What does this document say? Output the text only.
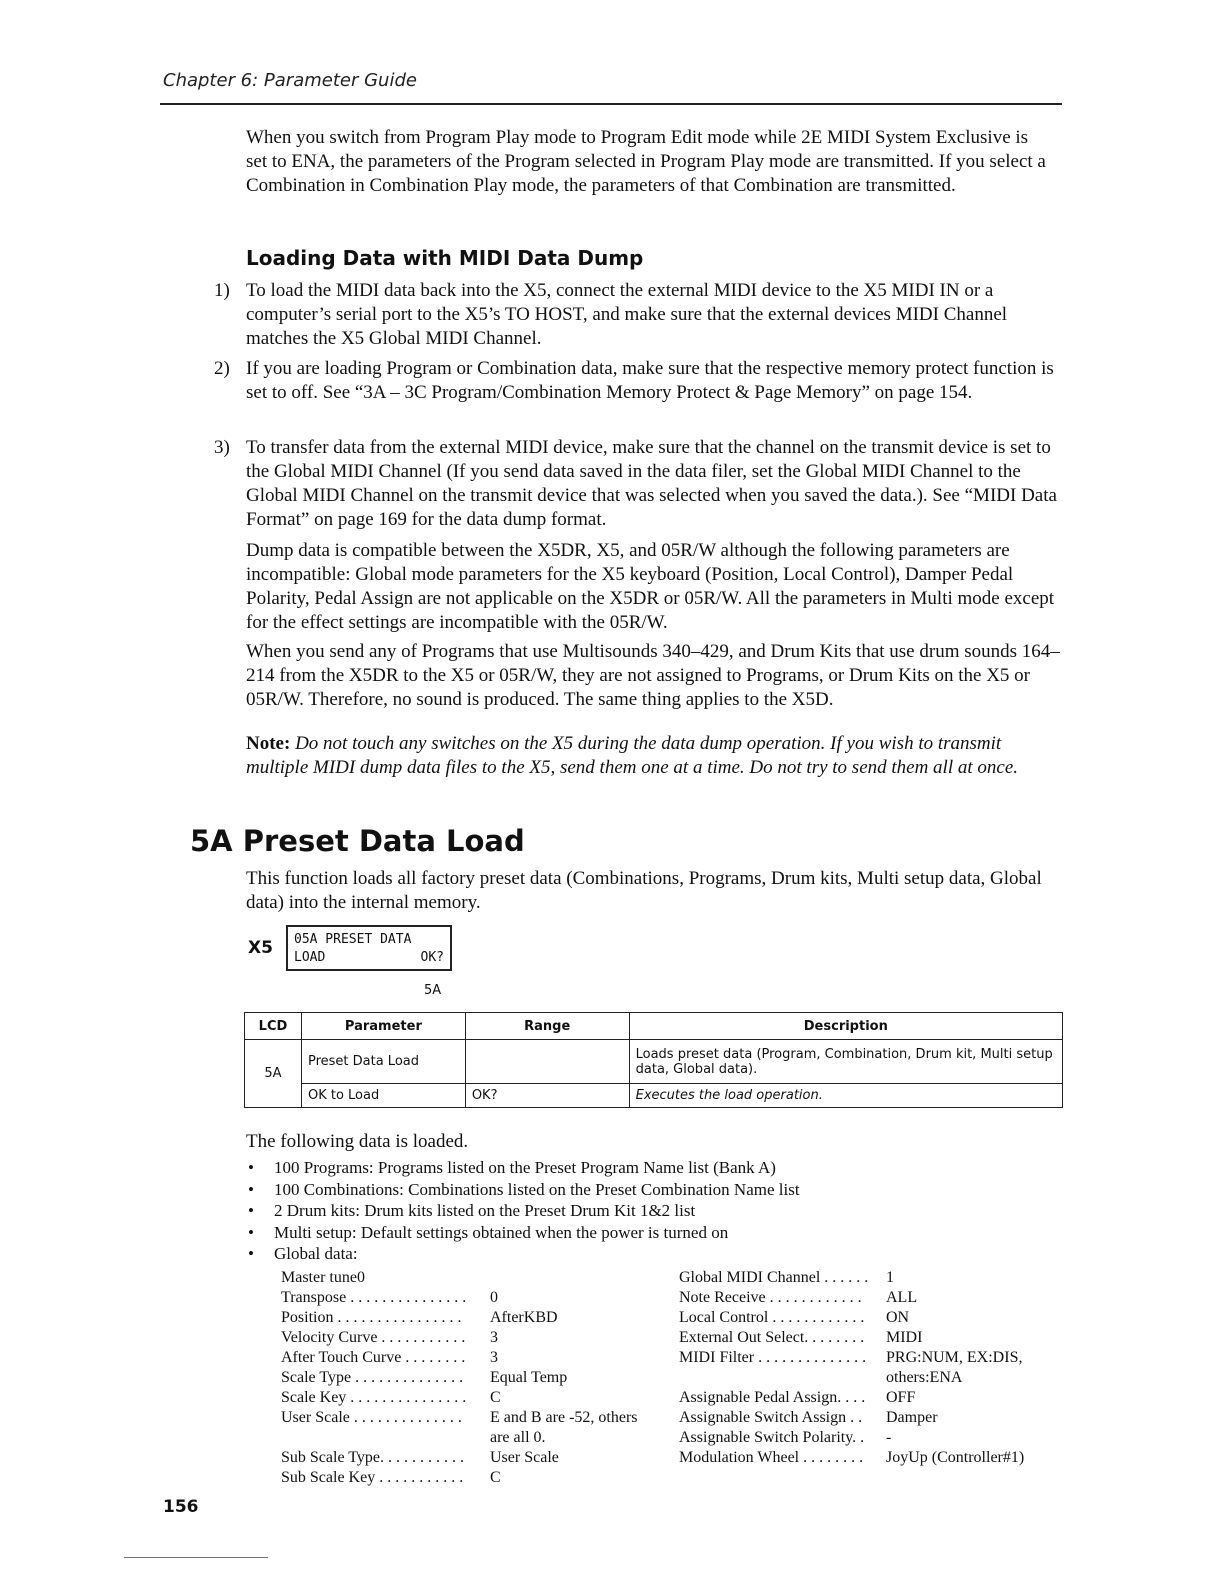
Chapter 6: Parameter Guide
When you switch from Program Play mode to Program Edit mode while 2E MIDI System Exclusive is set to ENA, the parameters of the Program selected in Program Play mode are transmitted. If you select a Combination in Combination Play mode, the parameters of that Combination are transmitted.
Loading Data with MIDI Data Dump
1) To load the MIDI data back into the X5, connect the external MIDI device to the X5 MIDI IN or a computer’s serial port to the X5’s TO HOST, and make sure that the external devices MIDI Channel matches the X5 Global MIDI Channel.
2) If you are loading Program or Combination data, make sure that the respective memory protect function is set to off. See “3A – 3C Program/Combination Memory Protect & Page Memory” on page 154.
3) To transfer data from the external MIDI device, make sure that the channel on the transmit device is set to the Global MIDI Channel (If you send data saved in the data filer, set the Global MIDI Channel to the Global MIDI Channel on the transmit device that was selected when you saved the data.). See “MIDI Data Format” on page 169 for the data dump format.
Dump data is compatible between the X5DR, X5, and 05R/W although the following parameters are incompatible: Global mode parameters for the X5 keyboard (Position, Local Control), Damper Pedal Polarity, Pedal Assign are not applicable on the X5DR or 05R/W. All the parameters in Multi mode except for the effect settings are incompatible with the 05R/W.
When you send any of Programs that use Multisounds 340–429, and Drum Kits that use drum sounds 164–214 from the X5DR to the X5 or 05R/W, they are not assigned to Programs, or Drum Kits on the X5 or 05R/W. Therefore, no sound is produced. The same thing applies to the X5D.
Note: Do not touch any switches on the X5 during the data dump operation. If you wish to transmit multiple MIDI dump data files to the X5, send them one at a time. Do not try to send them all at once.
5A Preset Data Load
This function loads all factory preset data (Combinations, Programs, Drum kits, Multi setup data, Global data) into the internal memory.
X5 05A PRESET DATA
LOAD	OK?
5A
LCD	Parameter	Range	Description
5A	Preset Data Load		Loads preset data (Program, Combination, Drum kit, Multi setup data, Global data).
	OK to Load	OK?	Executes the load operation.
The following data is loaded.
• 100 Programs: Programs listed on the Preset Program Name list (Bank A)
• 100 Combinations: Combinations listed on the Preset Combination Name list
• 2 Drum kits: Drum kits listed on the Preset Drum Kit 1&2 list
• Multi setup: Default settings obtained when the power is turned on
• Global data:
Master tune0
Transpose . . . . . . . . . . . . . . . 0
Position . . . . . . . . . . . . . . . . AfterKBD
Velocity Curve . . . . . . . . . . . 3
After Touch Curve . . . . . . . . 3
Scale Type . . . . . . . . . . . . . . Equal Temp
Scale Key . . . . . . . . . . . . . . . C
User Scale . . . . . . . . . . . . . . E and B are -52, others
are all 0.
Sub Scale Type. . . . . . . . . . . User Scale
Sub Scale Key . . . . . . . . . . . C
Global MIDI Channel . . . . . . 1
Note Receive . . . . . . . . . . . . ALL
Local Control . . . . . . . . . . . . ON
External Out Select. . . . . . . . MIDI
MIDI Filter . . . . . . . . . . . . . . PRG:NUM, EX:DIS,
others:ENA
Assignable Pedal Assign. . . . OFF
Assignable Switch Assign . . Damper
Assignable Switch Polarity. . -
Modulation Wheel . . . . . . . . JoyUp (Controller#1)
156
